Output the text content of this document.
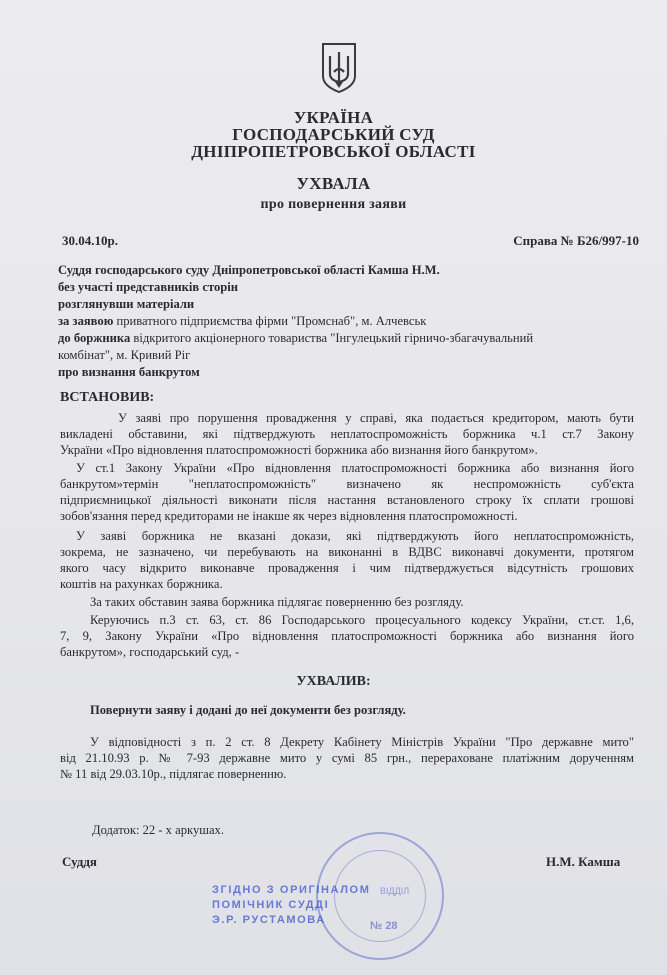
УКРАЇНА
ГОСПОДАРСЬКИЙ СУД
ДНІПРОПЕТРОВСЬКОЇ ОБЛАСТІ
УХВАЛА
про повернення заяви
30.04.10р.	Справа № Б26/997-10
Суддя господарського суду Дніпропетровської області Камша Н.М.
без участі представників сторін
розглянувши матеріали
за заявою приватного підприємства фірми "Промснаб", м. Алчевськ
до боржника відкритого акціонерного товариства "Інгулецький гірничо-збагачувальний
комбінат", м. Кривий Ріг
про визнання банкрутом
ВСТАНОВИВ:
У заяві про порушення провадження у справі, яка подається кредитором, мають бути
викладені обставини, які підтверджують неплатоспроможність боржника ч.1 ст.7 Закону
України «Про відновлення платоспроможності боржника або визнання його банкрутом».
У ст.1 Закону України «Про відновлення платоспроможності боржника або визнання його
банкрутом»термін "неплатоспроможність" визначено як неспроможність суб'єкта
підприємницької діяльності виконати після настання встановленого строку їх сплати грошові
зобов'язання перед кредиторами не інакше як через відновлення платоспроможності.
У заяві боржника не вказані докази, які підтверджують його неплатоспроможність,
зокрема, не зазначено, чи перебувають на виконанні в ВДВС виконавчі документи, протягом
якого часу відкрито виконавче провадження і чим підтверджується відсутність грошових
коштів на рахунках боржника.
За таких обставин заява боржника підлягає поверненню без розгляду.
Керуючись п.3 ст. 63, ст. 86 Господарського процесуального кодексу України, ст.ст. 1,6,
7, 9, Закону України «Про відновлення платоспроможності боржника або визнання його
банкрутом», господарський суд, -
УХВАЛИВ:
Повернути заяву і додані до неї документи без розгляду.
У відповідності з п. 2 ст. 8 Декрету Кабінету Міністрів України "Про державне мито"
від 21.10.93 р. № 7-93 державне мито у сумі 85 грн., перераховане платіжним дорученням
№ 11 від 29.03.10р., підлягає поверненню.
Додаток: 22 - х аркушах.
Суддя	Н.М. Камша
ВІДДІЛ
№ 28
ЗГІДНО З ОРИГІНАЛОМ
ПОМІЧНИК СУДДІ
Э.Р. РУСТАМОВА
